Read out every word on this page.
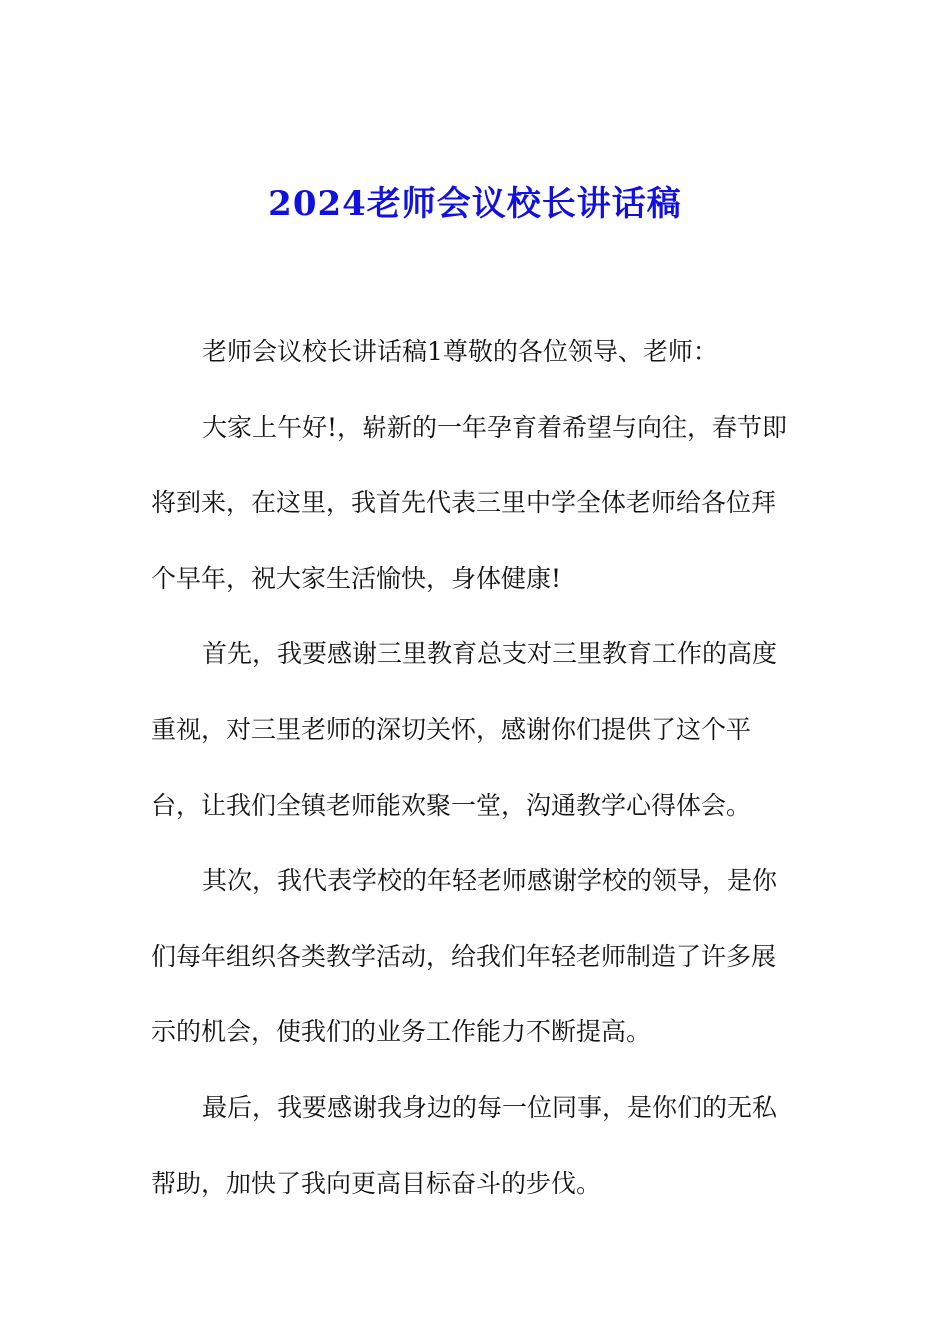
2024老师会议校长讲话稿
老师会议校长讲话稿1尊敬的各位领导、老师：
大家上午好!，崭新的一年孕育着希望与向往，春节即
将到来，在这里，我首先代表三里中学全体老师给各位拜
个早年，祝大家生活愉快，身体健康!
首先，我要感谢三里教育总支对三里教育工作的高度
重视，对三里老师的深切关怀，感谢你们提供了这个平
台，让我们全镇老师能欢聚一堂，沟通教学心得体会。
其次，我代表学校的年轻老师感谢学校的领导，是你
们每年组织各类教学活动，给我们年轻老师制造了许多展
示的机会，使我们的业务工作能力不断提高。
最后，我要感谢我身边的每一位同事，是你们的无私
帮助，加快了我向更高目标奋斗的步伐。
